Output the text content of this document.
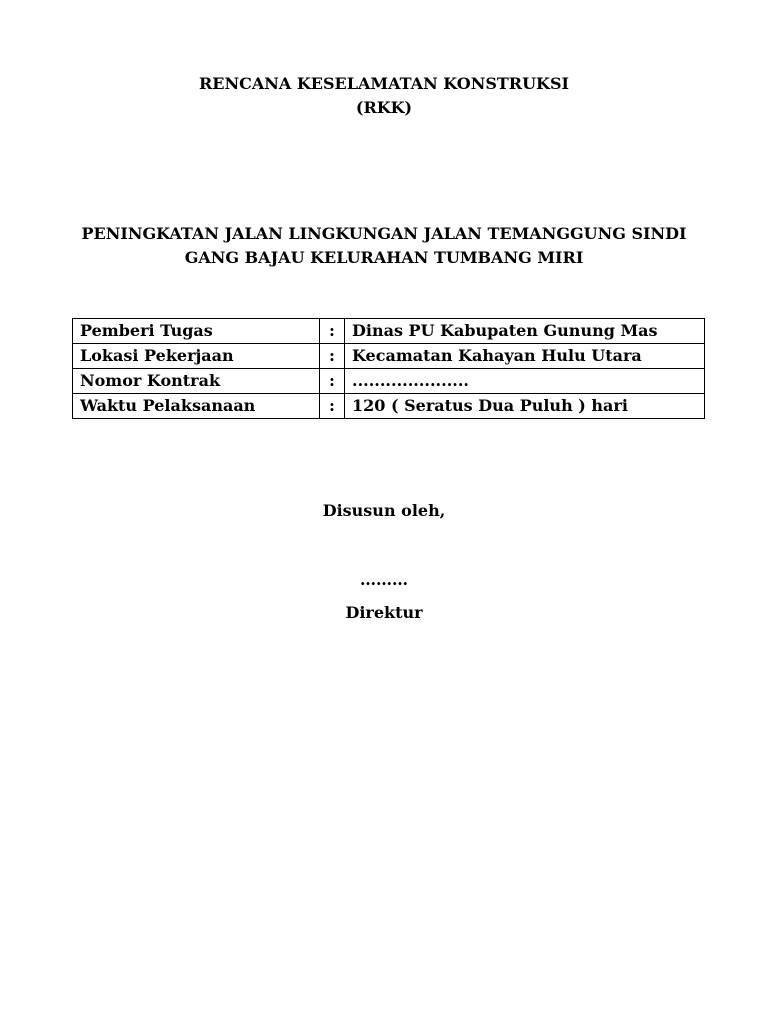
RENCANA KESELAMATAN KONSTRUKSI
(RKK)
PENINGKATAN JALAN LINGKUNGAN JALAN TEMANGGUNG SINDI
GANG BAJAU KELURAHAN TUMBANG MIRI
Pemberi Tugas	:	Dinas PU Kabupaten Gunung Mas
Lokasi Pekerjaan	:	Kecamatan Kahayan Hulu Utara
Nomor Kontrak	:	.....................
Waktu Pelaksanaan	:	120 ( Seratus Dua Puluh ) hari
Disusun oleh,
………
Direktur
